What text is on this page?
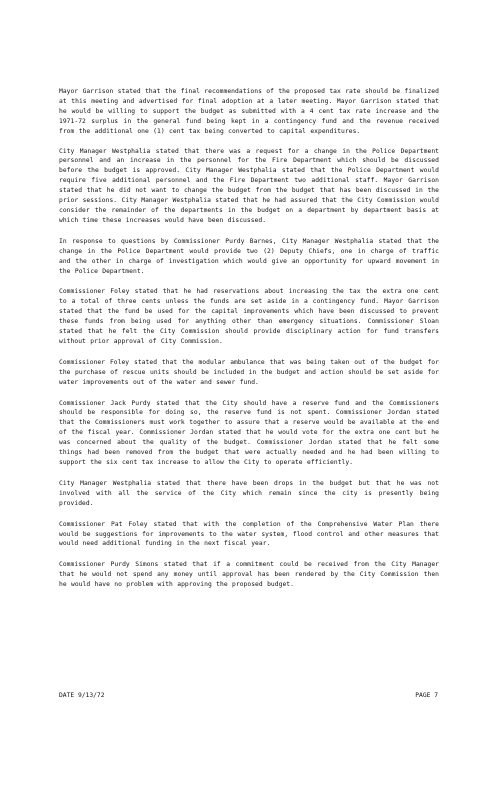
Mayor Garrison stated that the final recommendations of the proposed tax rate should be finalized at this meeting and advertised for final adoption at a later meeting. Mayor Garrison stated that he would be willing to support the budget as submitted with a 4 cent tax rate increase and the 1971-72 surplus in the general fund being kept in a contingency fund and the revenue received from the additional one (1) cent tax being converted to capital expenditures.

City Manager Westphalia stated that there was a request for a change in the Police Department personnel and an increase in the personnel for the Fire Department which should be discussed before the budget is approved. City Manager Westphalia stated that the Police Department would require five additional personnel and the Fire Department two additional staff. Mayor Garrison stated that he did not want to change the budget from the budget that has been discussed in the prior sessions. City Manager Westphalia stated that he had assured that the City Commission would consider the remainder of the departments in the budget on a department by department basis at which time these increases would have been discussed.

In response to questions by Commissioner Purdy Barnes, City Manager Westphalia stated that the change in the Police Department would provide two (2) Deputy Chiefs, one in charge of traffic and the other in charge of investigation which would give an opportunity for upward movement in the Police Department.

Commissioner Foley stated that he had reservations about increasing the tax the extra one cent to a total of three cents unless the funds are set aside in a contingency fund. Mayor Garrison stated that the fund be used for the capital improvements which have been discussed to prevent these funds from being used for anything other than emergency situations. Commissioner Sloan stated that he felt the City Commission should provide disciplinary action for fund transfers without prior approval of City Commission.

Commissioner Foley stated that the modular ambulance that was being taken out of the budget for the purchase of rescue units should be included in the budget and action should be set aside for water improvements out of the water and sewer fund.

Commissioner Jack Purdy stated that the City should have a reserve fund and the Commissioners should be responsible for doing so, the reserve fund is not spent. Commissioner Jordan stated that the Commissioners must work together to assure that a reserve would be available at the end of the fiscal year. Commissioner Jordan stated that he would vote for the extra one cent but he was concerned about the quality of the budget. Commissioner Jordan stated that he felt some things had been removed from the budget that were actually needed and he had been willing to support the six cent tax increase to allow the City to operate efficiently.

City Manager Westphalia stated that there have been drops in the budget but that he was not involved with all the service of the City which remain since the city is presently being provided.

Commissioner Pat Foley stated that with the completion of the Comprehensive Water Plan there would be suggestions for improvements to the water system, flood control and other measures that would need additional funding in the next fiscal year.

Commissioner Purdy Simons stated that if a commitment could be received from the City Manager that he would not spend any money until approval has been rendered by the City Commission then he would have no problem with approving the proposed budget.

DATE 9/13/72	PAGE 7
